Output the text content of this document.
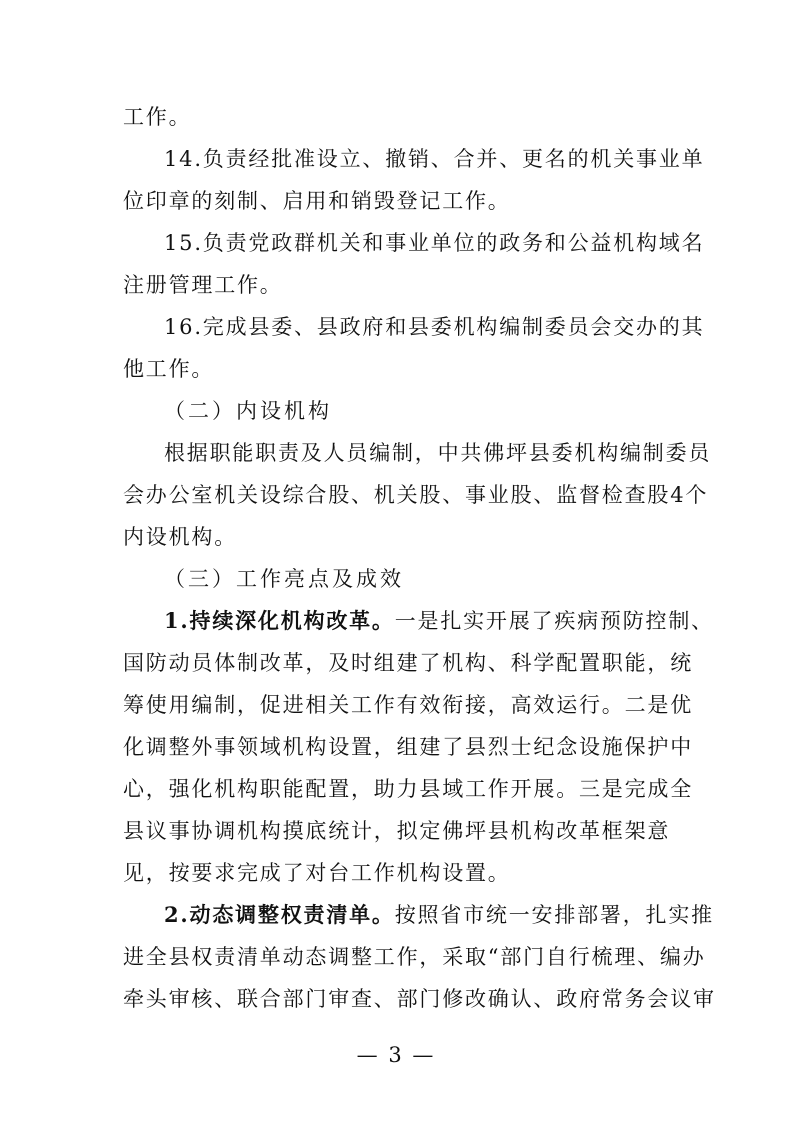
工作。
14.负责经批准设立、撤销、合并、更名的机关事业单
位印章的刻制、启用和销毁登记工作。
15.负责党政群机关和事业单位的政务和公益机构域名
注册管理工作。
16.完成县委、县政府和县委机构编制委员会交办的其
他工作。
（二）内设机构
根据职能职责及人员编制，中共佛坪县委机构编制委员
会办公室机关设综合股、机关股、事业股、监督检查股4个
内设机构。
（三）工作亮点及成效
1.持续深化机构改革。一是扎实开展了疾病预防控制、
国防动员体制改革，及时组建了机构、科学配置职能，统
筹使用编制，促进相关工作有效衔接，高效运行。二是优
化调整外事领域机构设置，组建了县烈士纪念设施保护中
心，强化机构职能配置，助力县域工作开展。三是完成全
县议事协调机构摸底统计，拟定佛坪县机构改革框架意
见，按要求完成了对台工作机构设置。
2.动态调整权责清单。按照省市统一安排部署，扎实推
进全县权责清单动态调整工作，采取“部门自行梳理、编办
牵头审核、联合部门审查、部门修改确认、政府常务会议审
— 3 —
